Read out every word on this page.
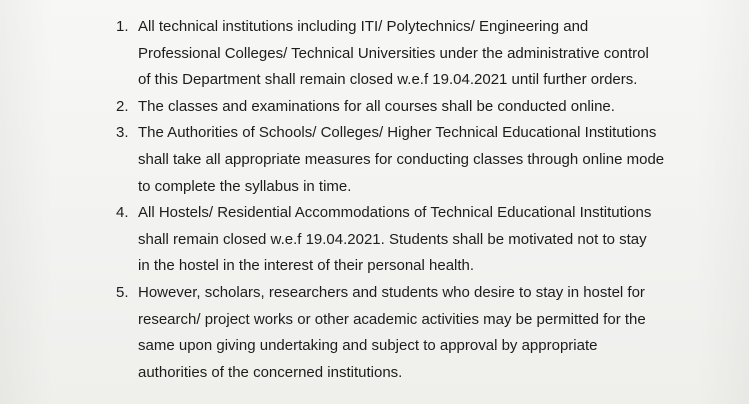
1. All technical institutions including ITI/ Polytechnics/ Engineering and
Professional Colleges/ Technical Universities under the administrative control
of this Department shall remain closed w.e.f 19.04.2021 until further orders.
2. The classes and examinations for all courses shall be conducted online.
3. The Authorities of Schools/ Colleges/ Higher Technical Educational Institutions
shall take all appropriate measures for conducting classes through online mode
to complete the syllabus in time.
4. All Hostels/ Residential Accommodations of Technical Educational Institutions
shall remain closed w.e.f 19.04.2021. Students shall be motivated not to stay
in the hostel in the interest of their personal health.
5. However, scholars, researchers and students who desire to stay in hostel for
research/ project works or other academic activities may be permitted for the
same upon giving undertaking and subject to approval by appropriate
authorities of the concerned institutions.
